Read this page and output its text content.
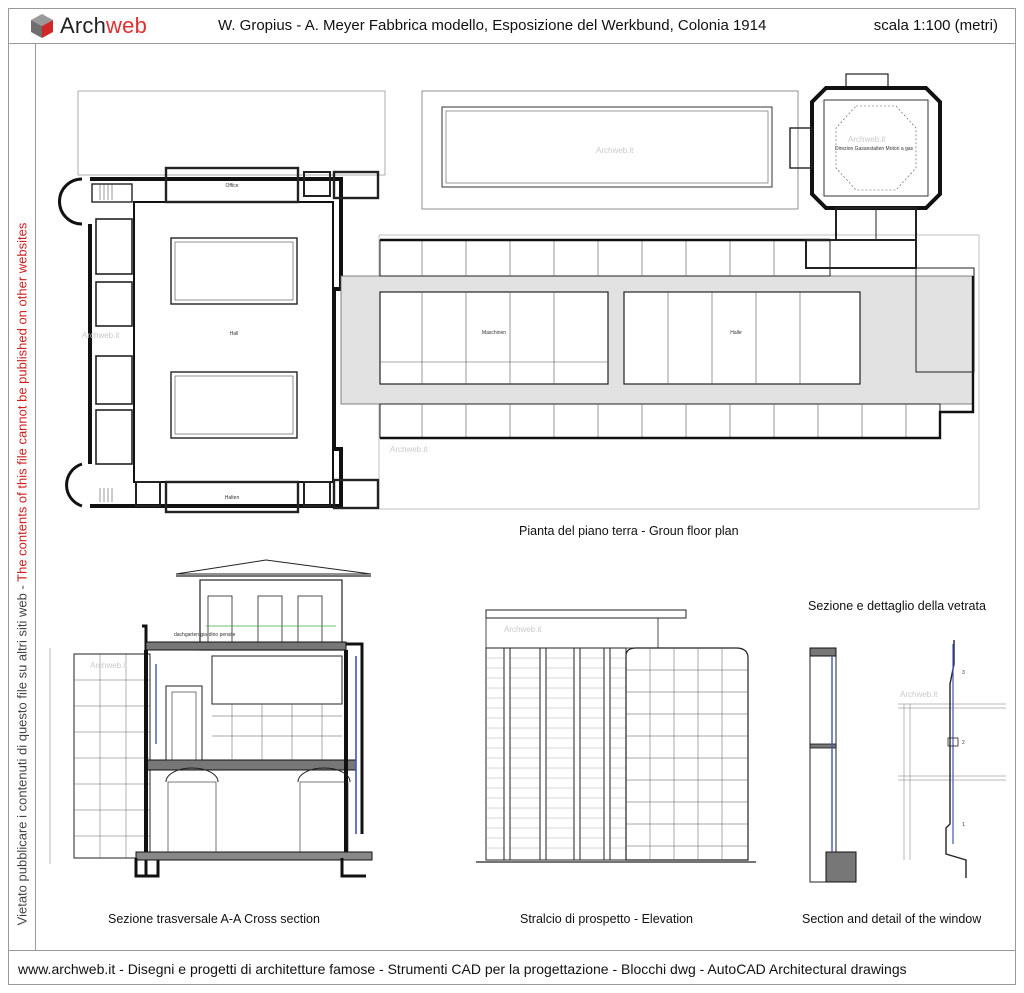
Archweb	W. Gropius - A. Meyer Fabbrica modello, Esposizione del Werkbund, Colonia 1914	scala 1:100 (metri)
Vietato pubblicare i contenuti di questo file su altri siti web - The contents of this file cannot be published on other websites	Hall	Maschinen	Halle
Office
Halten
Direzion Gasanstalten Motori a gas
Archweb.it
Archweb.it
Archweb.it
Archweb.it
dachgarten giardino pensile
Archweb.it
Archweb.it
3
2
1
Archweb.it
Pianta del piano terra - Groun floor plan
Sezione trasversale A-A Cross section	Stralcio di prospetto - Elevation
Sezione e dettaglio della vetrata
Section and detail of the window
www.archweb.it - Disegni e progetti di architetture famose - Strumenti CAD per la progettazione - Blocchi dwg - AutoCAD Architectural drawings
